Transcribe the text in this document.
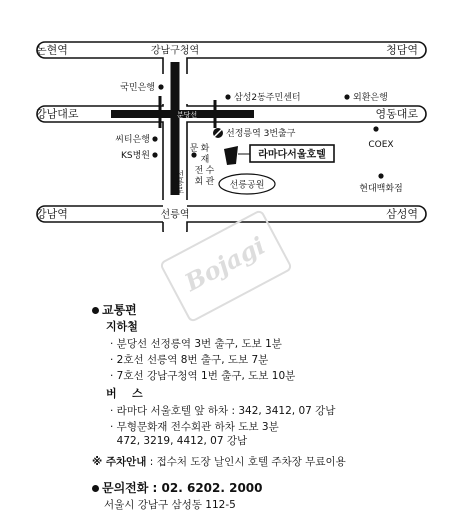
논현역	강남구청역	청담역
강남대로	영동대로
분당선
강남역	선릉역	삼성역
선릉로
국민은행
삼성2동주민센터	외환은행
씨티은행
KS병원
선정릉역 3번출구
문 화
재
전 수
회 관
라마다서울호텔
COEX
선릉공원	현대백화점
Bojagi
교통편
지하철
· 분당선 선정릉역 3번 출구, 도보 1분
· 2호선 선릉역 8번 출구, 도보 7분
· 7호선 강남구청역 1번 출구, 도보 10분
버    스
· 라마다 서울호텔 앞 하차 : 342, 3412, 07 강남
· 무형문화재 전수회관 하차 도보 3분
472, 3219, 4412, 07 강남
※ 주차안내 : 접수처 도장 날인시 호텔 주차장 무료이용
문의전화 : 02. 6202. 2000
서울시 강남구 삼성동 112-5
